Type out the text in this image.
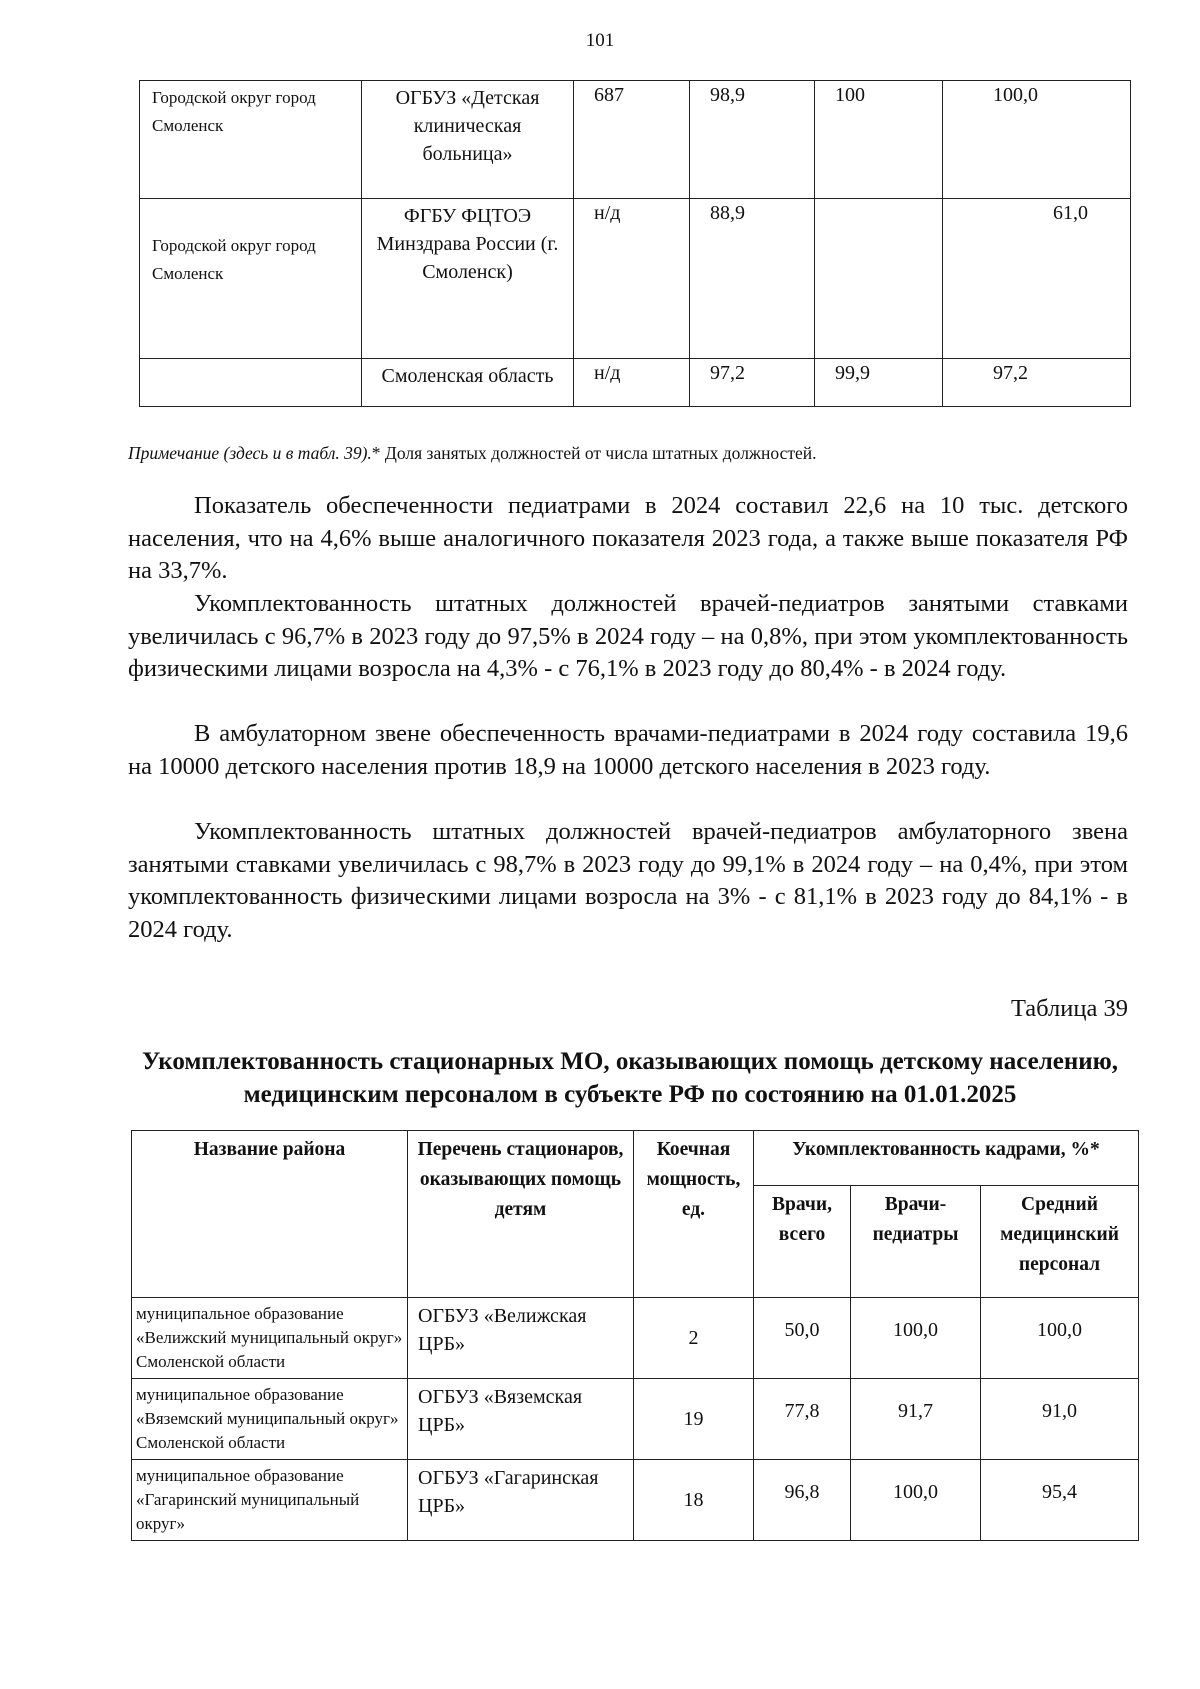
101
Городской округ город Смоленск	ОГБУЗ «Детская клиническая больница»	687	98,9	100	100,0
Городской округ город Смоленск	ФГБУ ФЦТОЭ Минздрава России (г. Смоленск)	н/д	88,9		61,0
	Смоленская область	н/д	97,2	99,9	97,2
Примечание (здесь и в табл. 39).* Доля занятых должностей от числа штатных должностей.

Показатель обеспеченности педиатрами в 2024 составил 22,6 на 10 тыс. детского населения, что на 4,6% выше аналогичного показателя 2023 года, а также выше показателя РФ на 33,7%.

Укомплектованность штатных должностей врачей-педиатров занятыми ставками увеличилась с 96,7% в 2023 году до 97,5% в 2024 году – на 0,8%, при этом укомплектованность физическими лицами возросла на 4,3% - с 76,1% в 2023 году до 80,4% - в 2024 году.

В амбулаторном звене обеспеченность врачами-педиатрами в 2024 году составила 19,6 на 10000 детского населения против 18,9 на 10000 детского населения в 2023 году.

Укомплектованность штатных должностей врачей-педиатров амбулаторного звена занятыми ставками увеличилась с 98,7% в 2023 году до 99,1% в 2024 году – на 0,4%, при этом укомплектованность физическими лицами возросла на 3% - с 81,1% в 2023 году до 84,1% - в 2024 году.

Таблица 39
Укомплектованность стационарных МО, оказывающих помощь детскому населению, медицинским персоналом в субъекте РФ по состоянию на 01.01.2025
Название района	Перечень стационаров, оказывающих помощь детям	Коечная мощность, ед.	Укомплектованность кадрами, %*		
			Врачи, всего	Врачи-педиатры	Средний медицинский персонал
муниципальное образование «Велижский муниципальный округ» Смоленской области	ОГБУЗ «Велижская ЦРБ»	2	50,0	100,0	100,0
муниципальное образование «Вяземский муниципальный округ» Смоленской области	ОГБУЗ «Вяземская ЦРБ»	19	77,8	91,7	91,0
муниципальное образование «Гагаринский муниципальный округ»	ОГБУЗ «Гагаринская ЦРБ»	18	96,8	100,0	95,4
